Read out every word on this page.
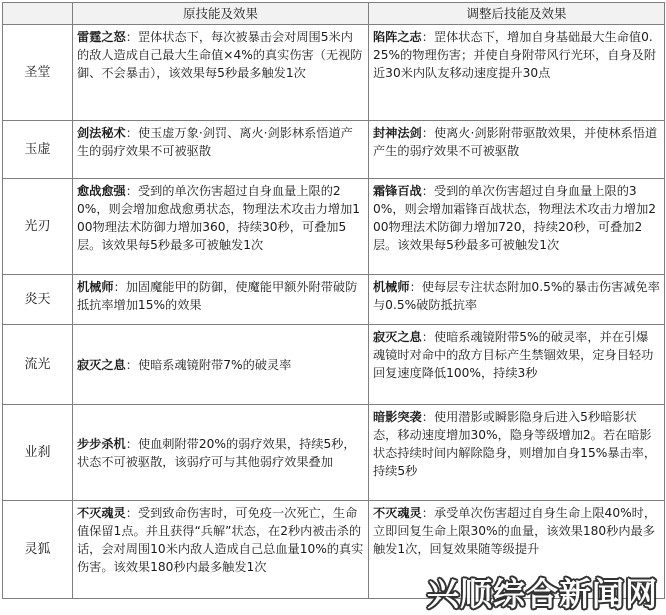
	原技能及效果	调整后技能及效果
圣堂	雷霆之怒：罡体状态下，每次被暴击会对周围5米内的敌人造成自己最大生命值×4%的真实伤害（无视防御、不会暴击），该效果每5秒最多触发1次	陷阵之志：罡体状态下，增加自身基础最大生命值0.25%的物理伤害；并使自身附带风行光环，自身及附近30米内队友移动速度提升30点
玉虚	剑法秘术：使玉虚万象·剑罚、离火·剑影林系悟道产生的弱疗效果不可被驱散	封神法剑：使离火·剑影附带驱散效果，并使林系悟道产生的弱疗效果不可被驱散
光刃	愈战愈强：受到的单次伤害超过自身血量上限的20%，则会增加愈战愈勇状态，物理法术攻击力增加100物理法术防御力增加360，持续30秒，可叠加5层。该效果每5秒最多可被触发1次	霜锋百战：受到的单次伤害超过自身血量上限的30%，则会增加霜锋百战状态，物理法术攻击力增加200物理法术防御力增加720，持续20秒，可叠加2层。该效果每5秒最多可被触发1次
炎天	机械师：加固魔能甲的防御，使魔能甲额外附带破防抵抗率增加15%的效果	机械师：使每层专注状态附加0.5%的暴击伤害减免率与0.5%破防抵抗率
流光	寂灭之息：使暗系魂镜附带7%的破灵率	寂灭之息：使暗系魂镜附带5%的破灵率，并在引爆魂镜时对命中的敌方目标产生禁锢效果，定身目轻功回复速度降低100%，持续3秒
业刹	步步杀机：使血刺附带20%的弱疗效果，持续5秒，状态不可被驱散，该弱疗可与其他弱疗效果叠加	暗影突袭：使用潜影或瞬影隐身后进入5秒暗影状态，移动速度增加30%，隐身等级增加2。若在暗影状态持续时间内解除隐身，则增加自身15%暴击率，持续5秒
灵狐	不灭魂灵：受到致命伤害时，可免疫一次死亡，生命值保留1点。并且获得“兵解”状态，在2秒内被击杀的话，会对周围10米内敌人造成自己总血量10%的真实伤害。该效果180秒内最多触发1次	不灭魂灵：承受单次伤害超过自身生命上限40%时，立即回复生命上限30%的血量，该效果180秒内最多触发1次，回复效果随等级提升
兴顺综合新闻网
